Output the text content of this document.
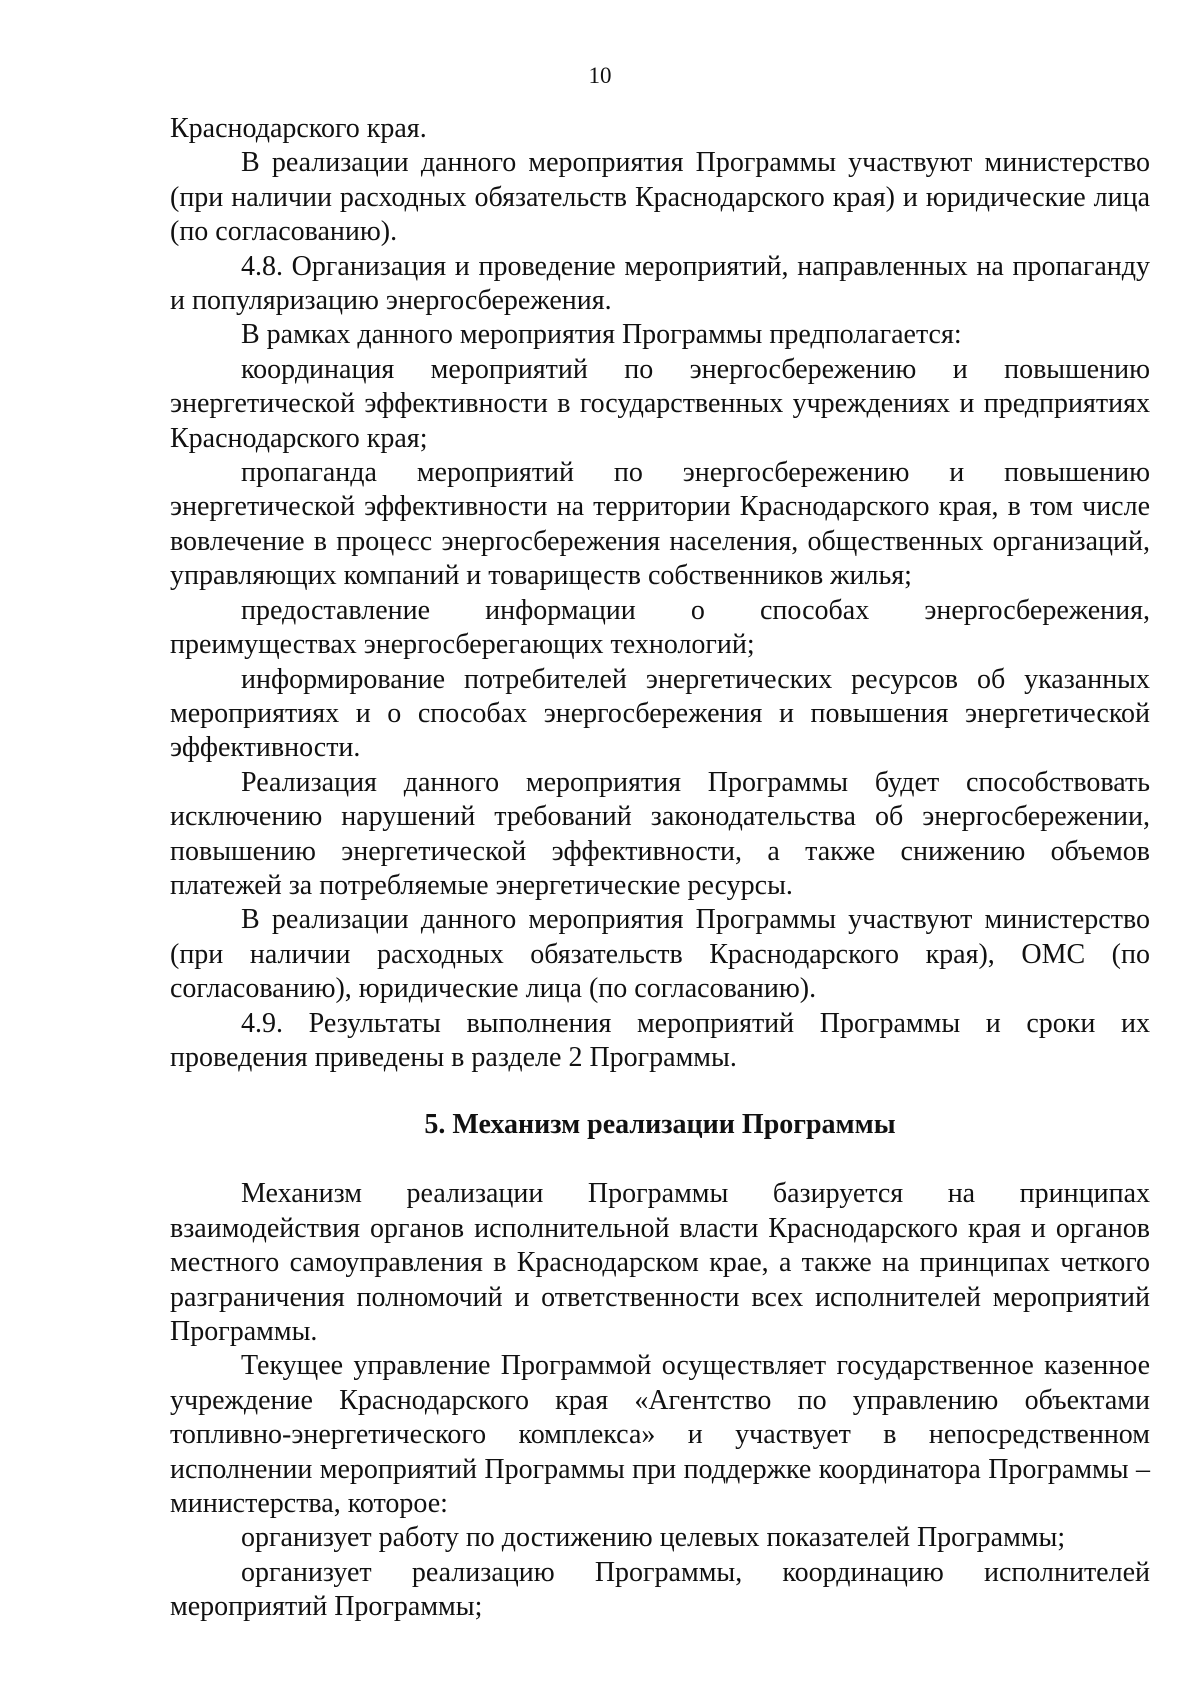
10

Краснодарского края.

В реализации данного мероприятия Программы участвуют министерство (при наличии расходных обязательств Краснодарского края) и юридические лица (по согласованию).

4.8. Организация и проведение мероприятий, направленных на пропаганду и популяризацию энергосбережения.

В рамках данного мероприятия Программы предполагается:

координация мероприятий по энергосбережению и повышению энергетической эффективности в государственных учреждениях и предприятиях Краснодарского края;

пропаганда мероприятий по энергосбережению и повышению энергетической эффективности на территории Краснодарского края, в том числе вовлечение в процесс энергосбережения населения, общественных организаций, управляющих компаний и товариществ собственников жилья;

предоставление информации о способах энергосбережения, преимуществах энергосберегающих технологий;

информирование потребителей энергетических ресурсов об указанных мероприятиях и о способах энергосбережения и повышения энергетической эффективности.

Реализация данного мероприятия Программы будет способствовать исключению нарушений требований законодательства об энергосбережении, повышению энергетической эффективности, а также снижению объемов платежей за потребляемые энергетические ресурсы.

В реализации данного мероприятия Программы участвуют министерство (при наличии расходных обязательств Краснодарского края), ОМС (по согласованию), юридические лица (по согласованию).

4.9. Результаты выполнения мероприятий Программы и сроки их проведения приведены в разделе 2 Программы.

5. Механизм реализации Программы

Механизм реализации Программы базируется на принципах взаимодействия органов исполнительной власти Краснодарского края и органов местного самоуправления в Краснодарском крае, а также на принципах четкого разграничения полномочий и ответственности всех исполнителей мероприятий Программы.

Текущее управление Программой осуществляет государственное казенное учреждение Краснодарского края «Агентство по управлению объектами топливно-энергетического комплекса» и участвует в непосредственном исполнении мероприятий Программы при поддержке координатора Программы – министерства, которое:

организует работу по достижению целевых показателей Программы;

организует реализацию Программы, координацию исполнителей мероприятий Программы;
